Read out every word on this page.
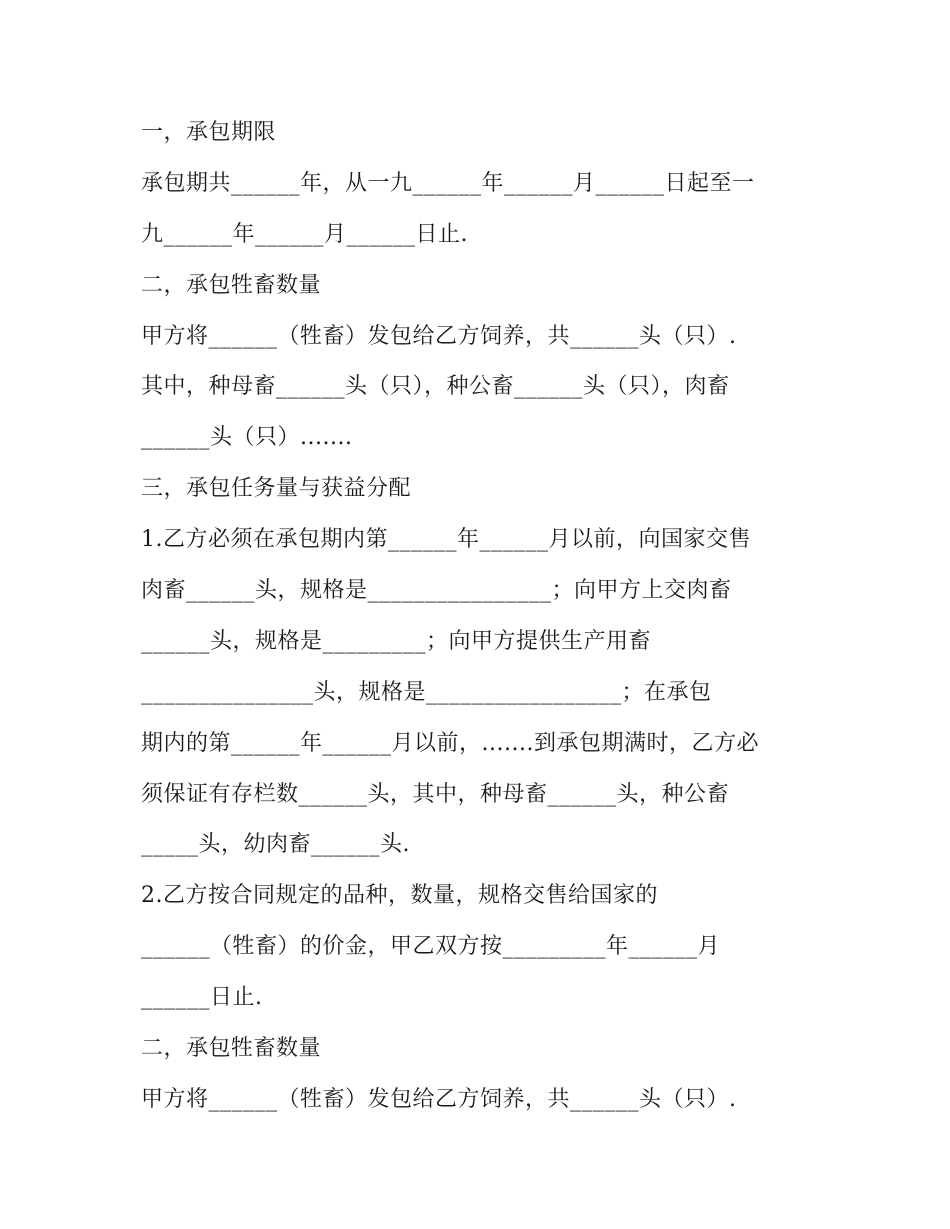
一，承包期限
承包期共______年，从一九______年______月______日起至一
九______年______月______日止.
二，承包牲畜数量
甲方将______（牲畜）发包给乙方饲养，共______头（只）.
其中，种母畜______头（只），种公畜______头（只），肉畜
______头（只）.......
三，承包任务量与获益分配
1.乙方必须在承包期内第______年______月以前，向国家交售
肉畜______头，规格是________________；向甲方上交肉畜
______头，规格是_________；向甲方提供生产用畜
_______________头，规格是_________________；在承包
期内的第______年______月以前，.......到承包期满时，乙方必
须保证有存栏数______头，其中，种母畜______头，种公畜
_____头，幼肉畜______头.
2.乙方按合同规定的品种，数量，规格交售给国家的
______（牲畜）的价金，甲乙双方按_________年______月
______日止.
二，承包牲畜数量
甲方将______（牲畜）发包给乙方饲养，共______头（只）.
